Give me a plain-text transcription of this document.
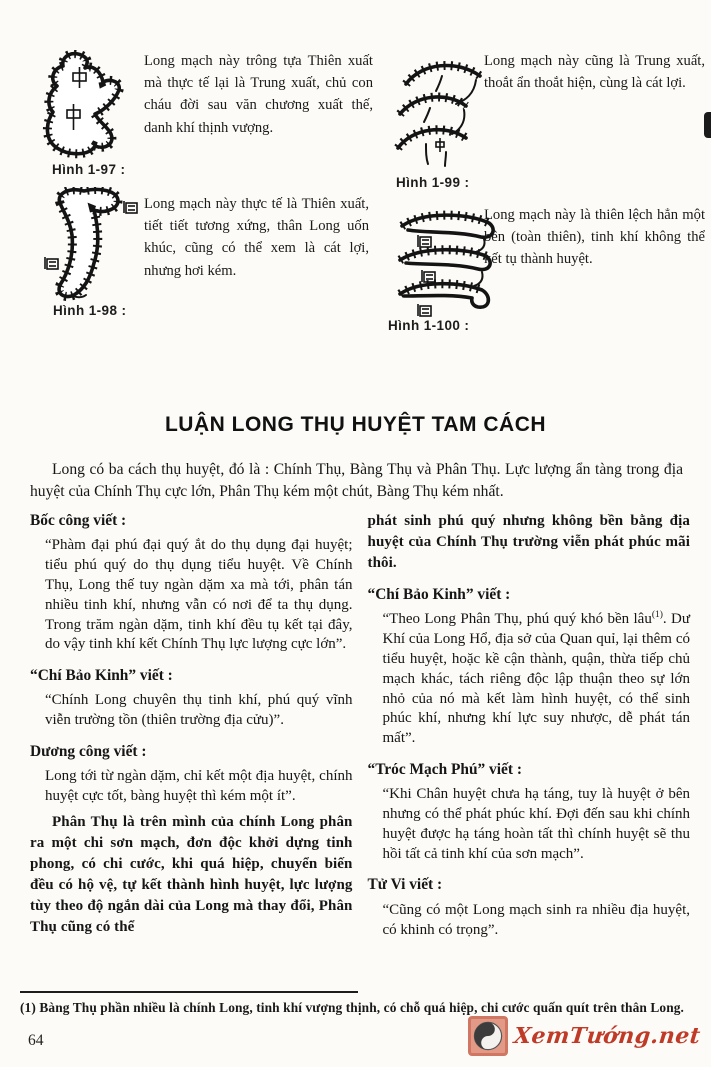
Hình 1-97 :
Long mạch này trông tựa Thiên xuất mà thực tế lại là Trung xuất, chủ con cháu đời sau văn chương xuất thế, danh khí thịnh vượng.
Hình 1-99 :
Long mạch này cũng là Trung xuất, thoắt ẩn thoắt hiện, cùng là cát lợi.
Hình 1-98 :
Long mạch này thực tế là Thiên xuất, tiết tiết tương xứng, thân Long uốn khúc, cũng có thể xem là cát lợi, nhưng hơi kém.
Hình 1-100 :
Long mạch này là thiên lệch hẳn một bên (toàn thiên), tinh khí không thể kết tụ thành huyệt.
LUẬN LONG THỤ HUYỆT TAM CÁCH

Long có ba cách thụ huyệt, đó là : Chính Thụ, Bàng Thụ và Phân Thụ. Lực lượng ẩn tàng trong địa huyệt của Chính Thụ cực lớn, Phân Thụ kém một chút, Bàng Thụ kém nhất.

Bốc công viết :

“Phàm đại phú đại quý ắt do thụ dụng đại huyệt; tiểu phú quý do thụ dụng tiểu huyệt. Về Chính Thụ, Long thế tuy ngàn dặm xa mà tới, phân tán nhiều tinh khí, nhưng vẫn có nơi để ta thụ dụng. Trong trăm ngàn dặm, tinh khí đều tụ kết tại đây, do vậy tinh khí kết Chính Thụ lực lượng cực lớn”.

“Chí Bảo Kinh” viết :

“Chính Long chuyên thụ tinh khí, phú quý vĩnh viễn trường tồn (thiên trường địa cửu)”.

Dương công viết :

Long tới từ ngàn dặm, chỉ kết một địa huyệt, chính huyệt cực tốt, bàng huyệt thì kém một ít”.

Phân Thụ là trên mình của chính Long phân ra một chi sơn mạch, đơn độc khởi dựng tinh phong, có chi cước, khi quá hiệp, chuyển biến đều có hộ vệ, tự kết thành hình huyệt, lực lượng tùy theo độ ngắn dài của Long mà thay đổi, Phân Thụ cũng có thể

phát sinh phú quý nhưng không bền bằng địa huyệt của Chính Thụ trường viễn phát phúc mãi thôi.

“Chí Bảo Kinh” viết :

“Theo Long Phân Thụ, phú quý khó bền lâu$^{(1)}$. Dư Khí của Long Hổ, địa sở của Quan quỉ, lại thêm có tiểu huyệt, hoặc kề cận thành, quận, thừa tiếp chủ mạch khác, tách riêng độc lập thuận theo sự lớn nhỏ của nó mà kết làm hình huyệt, có thể sinh phúc khí, nhưng khí lực suy nhược, dễ phát tán mất”.

“Tróc Mạch Phú” viết :

“Khi Chân huyệt chưa hạ táng, tuy là huyệt ở bên nhưng có thể phát phúc khí. Đợi đến sau khi chính huyệt được hạ táng hoàn tất thì chính huyệt sẽ thu hồi tất cả tinh khí của sơn mạch”.

Tử Vi viết :

“Cũng có một Long mạch sinh ra nhiều địa huyệt, có khinh có trọng”.

(1) Bàng Thụ phần nhiều là chính Long, tinh khí vượng thịnh, có chỗ quá hiệp, chi cước quấn quít trên thân Long.

64	XemTướng.net
